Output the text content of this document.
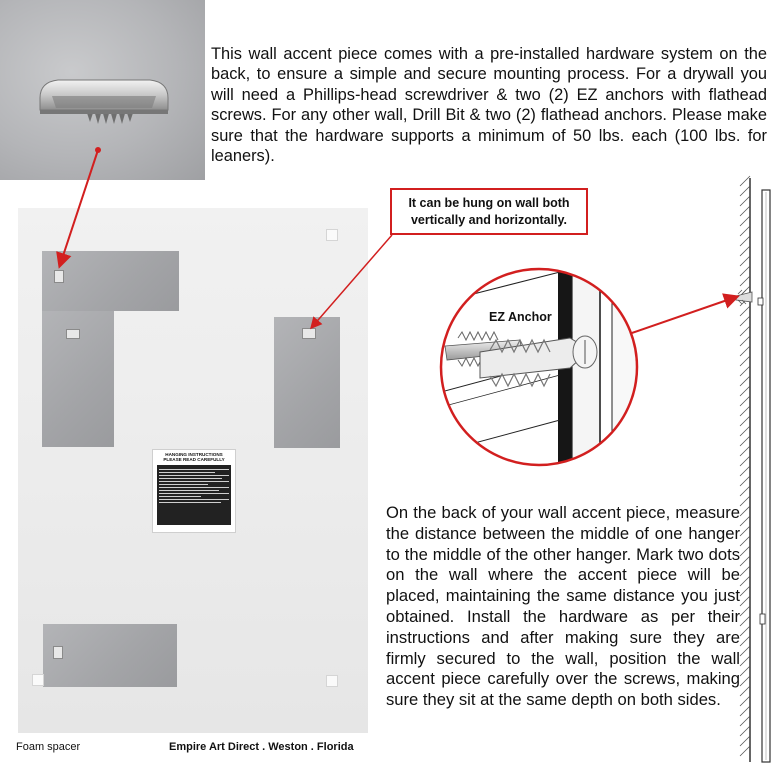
This wall accent piece comes with a pre-installed hardware system on the back, to ensure a simple and secure mounting process. For a drywall you will need a Phillips-head screwdriver & two (2) EZ anchors with flathead screws. For any other wall, Drill Bit & two (2) flathead anchors. Please make sure that the hardware supports a minimum of 50 lbs. each (100 lbs. for leaners).
HANGING INSTRUCTIONS
PLEASE READ CAREFULLY
It can be hung on wall both
vertically and horizontally.
On the back of your wall accent piece, measure the distance between the middle of one hanger to the middle of the other hanger. Mark two dots on the wall where the accent piece will be placed, maintaining the same distance you just obtained. Install the hardware as per their instructions and after making sure they are firmly secured to the wall, position the wall accent piece carefully over the screws, making sure they sit at the same depth on both sides.
Foam spacer	Empire Art Direct . Weston . Florida
EZ Anchor
